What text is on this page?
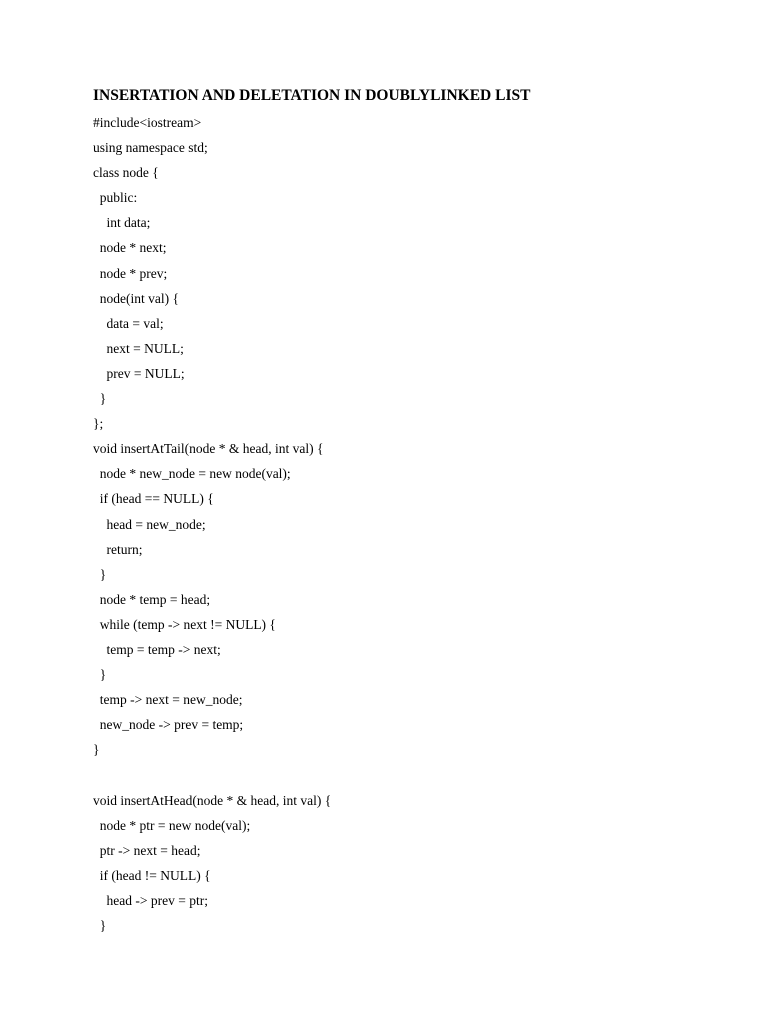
INSERTATION AND DELETATION IN DOUBLYLINKED LIST
#include<iostream>
using namespace std;
class node {
public:
int data;
node * next;
node * prev;
node(int val) {
data = val;
next = NULL;
prev = NULL;
}
};
void insertAtTail(node * & head, int val) {
node * new_node = new node(val);
if (head == NULL) {
head = new_node;
return;
}
node * temp = head;
while (temp -> next != NULL) {
temp = temp -> next;
}
temp -> next = new_node;
new_node -> prev = temp;
}
void insertAtHead(node * & head, int val) {
node * ptr = new node(val);
ptr -> next = head;
if (head != NULL) {
head -> prev = ptr;
}
